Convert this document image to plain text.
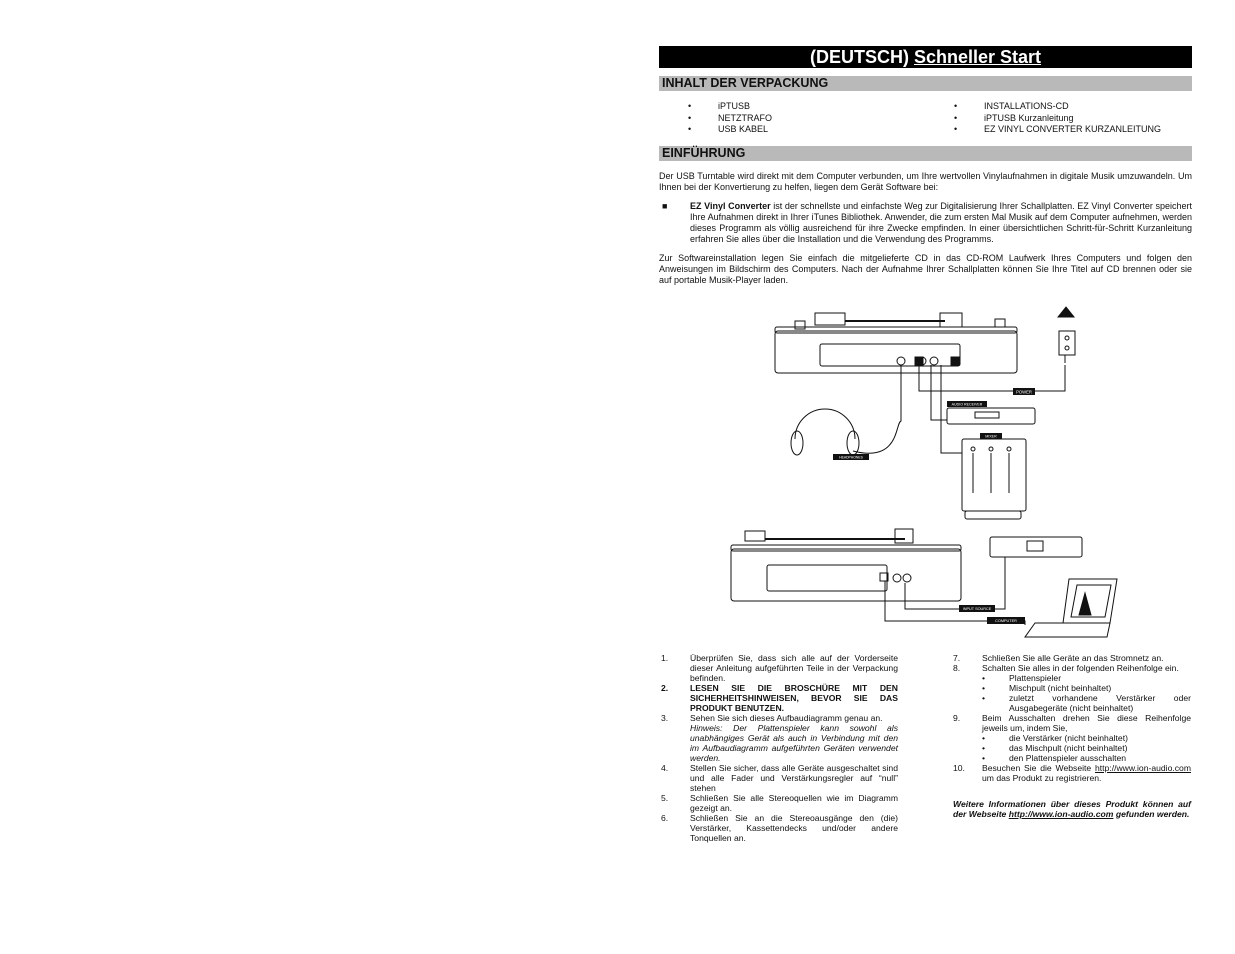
(DEUTSCH) Schneller Start
INHALT DER VERPACKUNG
• iPTUSB
• NETZTRAFO
• USB KABEL
• INSTALLATIONS-CD
• iPTUSB Kurzanleitung
• EZ VINYL CONVERTER KURZANLEITUNG
EINFÜHRUNG

Der USB Turntable wird direkt mit dem Computer verbunden, um Ihre wertvollen Vinylaufnahmen in digitale Musik umzuwandeln. Um Ihnen bei der Konvertierung zu helfen, liegen dem Gerät Software bei:

■	EZ Vinyl Converter ist der schnellste und einfachste Weg zur Digitalisierung Ihrer Schallplatten. EZ Vinyl Converter speichert Ihre Aufnahmen direkt in Ihrer iTunes Bibliothek. Anwender, die zum ersten Mal Musik auf dem Computer aufnehmen, werden dieses Programm als völlig ausreichend für ihre Zwecke empfinden. In einer übersichtlichen Schritt-für-Schritt Kurzanleitung erfahren Sie alles über die Installation und die Verwendung des Programms.

Zur Softwareinstallation legen Sie einfach die mitgelieferte CD in das CD-ROM Laufwerk Ihres Computers und folgen den Anweisungen im Bildschirm des Computers. Nach der Aufnahme Ihrer Schallplatten können Sie Ihre Titel auf CD brennen oder sie auf portable Musik-Player laden.

POWER
AUDIO RECEIVER
MIXER
HEADPHONES
INPUT SOURCE
COMPUTER
1.	Überprüfen Sie, dass sich alle auf der Vorderseite dieser Anleitung aufgeführten Teile in der Verpackung befinden.
2.	LESEN SIE DIE BROSCHÜRE MIT DEN SICHERHEITSHINWEISEN, BEVOR SIE DAS PRODUKT BENUTZEN.
3.	Sehen Sie sich dieses Aufbaudiagramm genau an.
Hinweis: Der Plattenspieler kann sowohl als unabhängiges Gerät als auch in Verbindung mit den im Aufbaudiagramm aufgeführten Geräten verwendet werden.
4.	Stellen Sie sicher, dass alle Geräte ausgeschaltet sind und alle Fader und Verstärkungsregler auf “null” stehen
5.	Schließen Sie alle Stereoquellen wie im Diagramm gezeigt an.
6.	Schließen Sie an die Stereoausgänge den (die) Verstärker, Kassettendecks und/oder andere Tonquellen an.
7.	Schließen Sie alle Geräte an das Stromnetz an.
8.	Schalten Sie alles in der folgenden Reihenfolge ein.
• Plattenspieler
• Mischpult (nicht beinhaltet)
• zuletzt vorhandene Verstärker oder Ausgabegeräte (nicht beinhaltet)
9.	Beim Ausschalten drehen Sie diese Reihenfolge jeweils um, indem Sie,
• die Verstärker (nicht beinhaltet)
• das Mischpult (nicht beinhaltet)
• den Plattenspieler ausschalten
10.	Besuchen Sie die Webseite http://www.ion-audio.com um das Produkt zu registrieren.
Weitere Informationen über dieses Produkt können auf der Webseite http://www.ion-audio.com gefunden werden.
